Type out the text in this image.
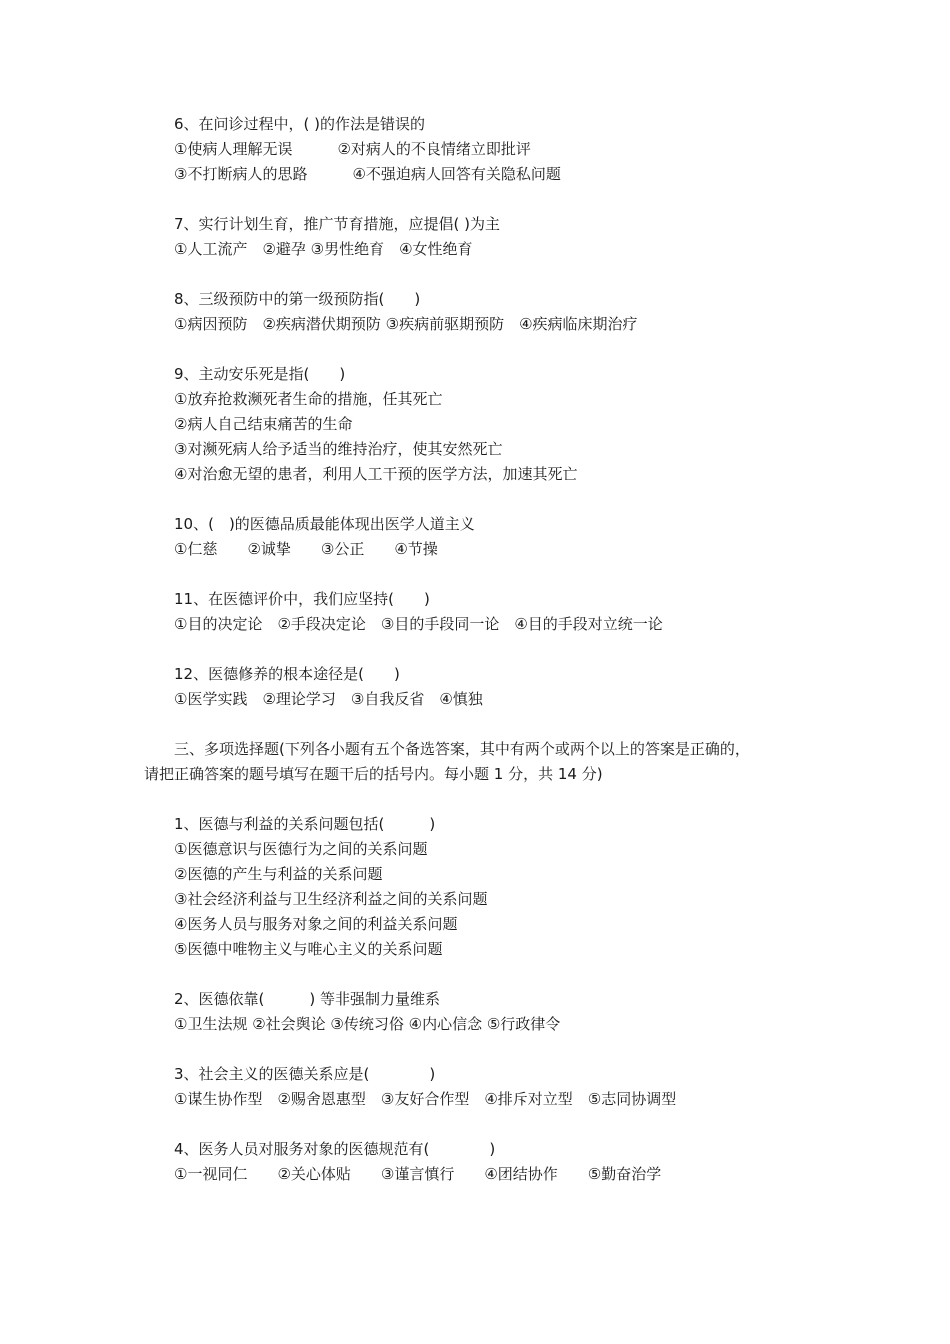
6、在问诊过程中，( )的作法是错误的
①使病人理解无误　　　②对病人的不良情绪立即批评
③不打断病人的思路　　　④不强迫病人回答有关隐私问题
7、实行计划生育，推广节育措施，应提倡( )为主
①人工流产　②避孕 ③男性绝育　④女性绝育
8、三级预防中的第一级预防指(　　)
①病因预防　②疾病潜伏期预防 ③疾病前驱期预防　④疾病临床期治疗
9、主动安乐死是指(　　)
①放弃抢救濒死者生命的措施，任其死亡
②病人自己结束痛苦的生命
③对濒死病人给予适当的维持治疗，使其安然死亡
④对治愈无望的患者，利用人工干预的医学方法，加速其死亡
10、(　)的医德品质最能体现出医学人道主义
①仁慈　　②诚挚　　③公正　　④节操
11、在医德评价中，我们应坚持(　　)
①目的决定论　②手段决定论　③目的手段同一论　④目的手段对立统一论
12、医德修养的根本途径是(　　)
①医学实践　②理论学习　③自我反省　④慎独
三、多项选择题(下列各小题有五个备选答案，其中有两个或两个以上的答案是正确的，
请把正确答案的题号填写在题干后的括号内。每小题 1 分，共 14 分)
1、医德与利益的关系问题包括(　　　)
①医德意识与医德行为之间的关系问题
②医德的产生与利益的关系问题
③社会经济利益与卫生经济利益之间的关系问题
④医务人员与服务对象之间的利益关系问题
⑤医德中唯物主义与唯心主义的关系问题
2、医德依靠(　　　) 等非强制力量维系
①卫生法规 ②社会舆论 ③传统习俗 ④内心信念 ⑤行政律令
3、社会主义的医德关系应是(　　　　)
①谋生协作型　②赐舍恩惠型　③友好合作型　④排斥对立型　⑤志同协调型
4、医务人员对服务对象的医德规范有(　　　　)
①一视同仁　　②关心体贴　　③谨言慎行　　④团结协作　　⑤勤奋治学
